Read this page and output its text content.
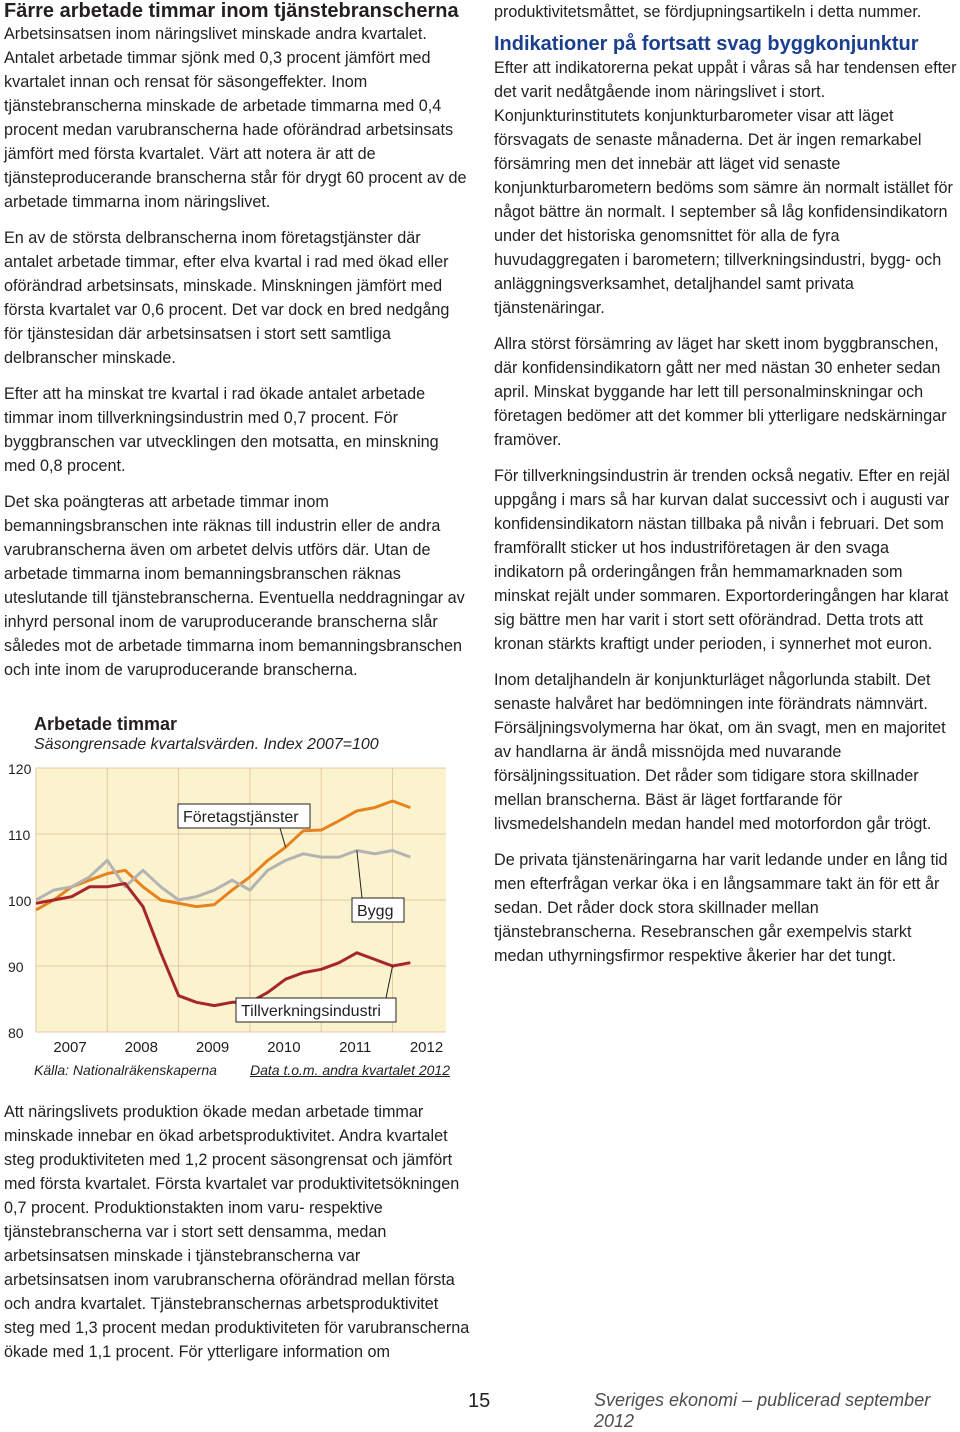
Färre arbetade timmar inom tjänstebranscherna

Arbetsinsatsen inom näringslivet minskade andra kvartalet. Antalet arbetade timmar sjönk med 0,3 procent jämfört med kvartalet innan och rensat för säsongeffekter. Inom tjänstebranscherna minskade de arbetade timmarna med 0,4 procent medan varubranscherna hade oförändrad arbetsinsats jämfört med första kvartalet. Värt att notera är att de tjänsteproducerande branscherna står för drygt 60 procent av de arbetade timmarna inom näringslivet.

En av de största delbranscherna inom företagstjänster där antalet arbetade timmar, efter elva kvartal i rad med ökad eller oförändrad arbetsinsats, minskade. Minskningen jämfört med första kvartalet var 0,6 procent. Det var dock en bred nedgång för tjänstesidan där arbetsinsatsen i stort sett samtliga delbranscher minskade.

Efter att ha minskat tre kvartal i rad ökade antalet arbetade timmar inom tillverkningsindustrin med 0,7 procent. För byggbranschen var utvecklingen den motsatta, en minskning med 0,8 procent.

Det ska poängteras att arbetade timmar inom bemanningsbranschen inte räknas till industrin eller de andra varubranscherna även om arbetet delvis utförs där. Utan de arbetade timmarna inom bemanningsbranschen räknas uteslutande till tjänstebranscherna. Eventuella neddragningar av inhyrd personal inom de varuproducerande branscherna slår således mot de arbetade timmarna inom bemanningsbranschen och inte inom de varuproducerande branscherna.

Arbetade timmar
Säsongrensade kvartalsvärden. Index 2007=100
80
90
100
110
120
2007	2008	2009	2010	2011	2012
Företagstjänster
Bygg
Tillverkningsindustri
Källa: Nationalräkenskaperna Data t.o.m. andra kvartalet 2012

Att näringslivets produktion ökade medan arbetade timmar minskade innebar en ökad arbetsproduktivitet. Andra kvartalet steg produktiviteten med 1,2 procent säsongrensat och jämfört med första kvartalet. Första kvartalet var produktivitetsökningen 0,7 procent. Produktionstakten inom varu- respektive tjänstebranscherna var i stort sett densamma, medan arbetsinsatsen minskade i tjänstebranscherna var arbetsinsatsen inom varubranscherna oförändrad mellan första och andra kvartalet. Tjänstebranschernas arbetsproduktivitet steg med 1,3 procent medan produktiviteten för varubranscherna ökade med 1,1 procent. För ytterligare information om

produktivitetsmåttet, se fördjupningsartikeln i detta nummer.

Indikationer på fortsatt svag byggkonjunktur

Efter att indikatorerna pekat uppåt i våras så har tendensen efter det varit nedåtgående inom näringslivet i stort. Konjunkturinstitutets konjunkturbarometer visar att läget försvagats de senaste månaderna. Det är ingen remarkabel försämring men det innebär att läget vid senaste konjunkturbarometern bedöms som sämre än normalt istället för något bättre än normalt. I september så låg konfidensindikatorn under det historiska genomsnittet för alla de fyra huvudaggregaten i barometern; tillverkningsindustri, bygg- och anläggningsverksamhet, detaljhandel samt privata tjänstenäringar.

Allra störst försämring av läget har skett inom byggbranschen, där konfidensindikatorn gått ner med nästan 30 enheter sedan april. Minskat byggande har lett till personalminskningar och företagen bedömer att det kommer bli ytterligare nedskärningar framöver.

För tillverkningsindustrin är trenden också negativ. Efter en rejäl uppgång i mars så har kurvan dalat successivt och i augusti var konfidensindikatorn nästan tillbaka på nivån i februari. Det som framförallt sticker ut hos industriföretagen är den svaga indikatorn på orderingången från hemmamarknaden som minskat rejält under sommaren. Exportorderingången har klarat sig bättre men har varit i stort sett oförändrad. Detta trots att kronan stärkts kraftigt under perioden, i synnerhet mot euron.

Inom detaljhandeln är konjunkturläget någorlunda stabilt. Det senaste halvåret har bedömningen inte förändrats nämnvärt. Försäljningsvolymerna har ökat, om än svagt, men en majoritet av handlarna är ändå missnöjda med nuvarande försäljningssituation. Det råder som tidigare stora skillnader mellan branscherna. Bäst är läget fortfarande för livsmedelshandeln medan handel med motorfordon går trögt.

De privata tjänstenäringarna har varit ledande under en lång tid men efterfrågan verkar öka i en långsammare takt än för ett år sedan. Det råder dock stora skillnader mellan tjänstebranscherna. Resebranschen går exempelvis starkt medan uthyrningsfirmor respektive åkerier har det tungt.

15	Sveriges ekonomi – publicerad september 2012
